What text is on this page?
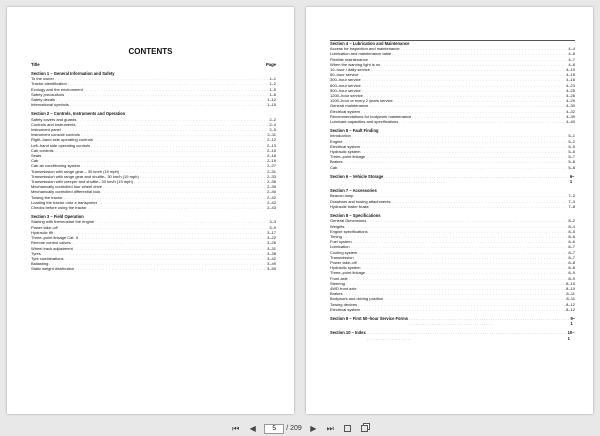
CONTENTS
Title	Page
Section 1 – General Information and Safety
To the owner . . .	1–1
Tractor identification . . .	1–2
Ecology and the environment . . .	1–5
Safety precautions . . .	1–6
Safety decals . . .	1–12
International symbols . . .	1–15
Section 2 – Controls, Instruments and Operation
Safety covers and guards . . .	2–2
Controls and instruments . . .	2–4
Instrument panel . . .	2–5
Instrument console controls . . .	2–11
Right–hand side operating controls . . .	2–12
Left–hand side operating controls . . .	2–13
Cab controls . . .	2–15
Seats . . .	2–16
Cab . . .	2–19
Cab air conditioning system . . .	2–27
Transmission with range gear – 30 km/h (19 mph) . . .	2–31
Transmission with range gear and shuttle– 30 km/h (19 mph) . . .	2–33
Transmission with creeper and shuttle– 30 km/h (19 mph) . . .	2–36
Mechanically controlled four wheel drive . . .	2–39
Mechanically controlled differential lock . . .	2–40
Towing the tractor . . .	2–42
Loading the tractor onto a transporter . . .	2–42
Checks before using the tractor . . .	2–43
Section 3 – Field Operation
Starting with thermostart the engine . . .	3–3
Power take–off . . .	3–9
Hydraulic lift . . .	3–17
Three–point linkage Cat. II . . .	3–22
Remote control valves . . .	3–26
Wheel track adjustment . . .	3–31
Tyres . . .	3–38
Tyre combinations . . .	3–42
Ballasting . . .	3–49
Static weight distribution . . .	3–50
Section 4 – Lubrication and Maintenance
Access for inspection and maintenance . . .	4–4
Lubrication and maintenance table . . .	4–6
Flexible maintenance . . .	4–7
When the warning light is on . . .	4–8
10–hour / daily service . . .	4–10
50–hour service . . .	4–15
300–hour service . . .	4–18
600–hour service . . .	4–23
900–hour service . . .	4–25
1200–hour service . . .	4–26
1200–hour or every 2 years service . . .	4–29
General maintenance . . .	4–30
Electrical system . . .	4–32
Recommendations for bodywork maintenance . . .	4–39
Lubricant capacities and specifications . . .	4–40
Section 5 – Fault Finding
Introduction . . .	5–1
Engine . . .	5–2
Electrical system . . .	5–5
Hydraulic system . . .	5–6
Three–point linkage . . .	5–7
Brakes . . .	5–8
Cab . . .	5–8
Section 6 – Vehicle Storage . . .	6–1
Section 7 – Accessories
Beacon lamp . . .	7–2
Drawbars and towing attachments . . .	7–3
Hydraulic trailer brake . . .	7–8
Section 8 – Specifications
General Dimensions . . .	8–2
Weights . . .	8–4
Engine specifications . . .	8–5
Timing . . .	8–6
Fuel system . . .	8–6
Lubrication . . .	8–7
Cooling system . . .	8–7
Transmission . . .	8–7
Power take–off . . .	8–8
Hydraulic system . . .	8–8
Three–point linkage . . .	8–9
Front axle . . .	8–9
Steering . . .	8–10
4WD front axle . . .	8–10
Brakes . . .	8–11
Bodywork and driving position . . .	8–11
Towing devices . . .	8–12
Electrical system . . .	8–12
Section 9 – First 50–hour Service Forms . . .	9–1
Section 10 – Index . . .	10–1
⏮ ◀
5	/ 209 ▶ ⏭
